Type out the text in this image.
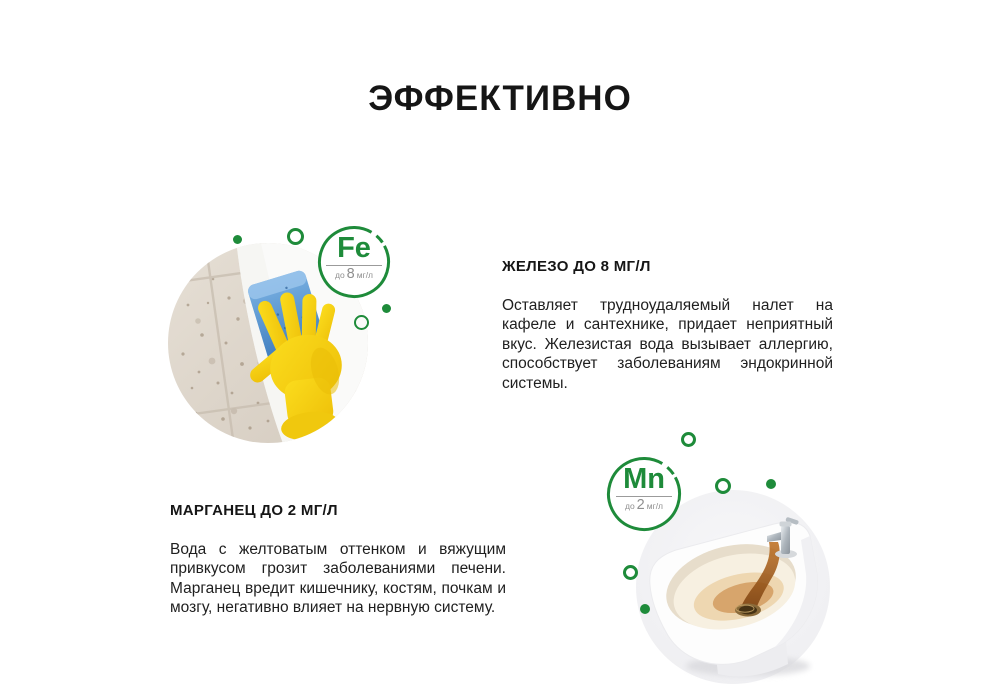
ЭФФЕКТИВНО
Fe
до 8 мг/л	ЖЕЛЕЗО ДО 8 МГ/Л

Оставляет трудноудаляемый налет на кафеле и сантехнике, придает неприятный вкус. Железистая вода вызывает аллергию, способствует заболеваниям эндокринной системы.

МАРГАНЕЦ ДО 2 МГ/Л

Вода с желтоватым оттенком и вяжущим привкусом грозит заболеваниями печени. Марганец вредит кишечнику, костям, почкам и мозгу, негативно влияет на нервную систему.

Mn
до 2 мг/л
